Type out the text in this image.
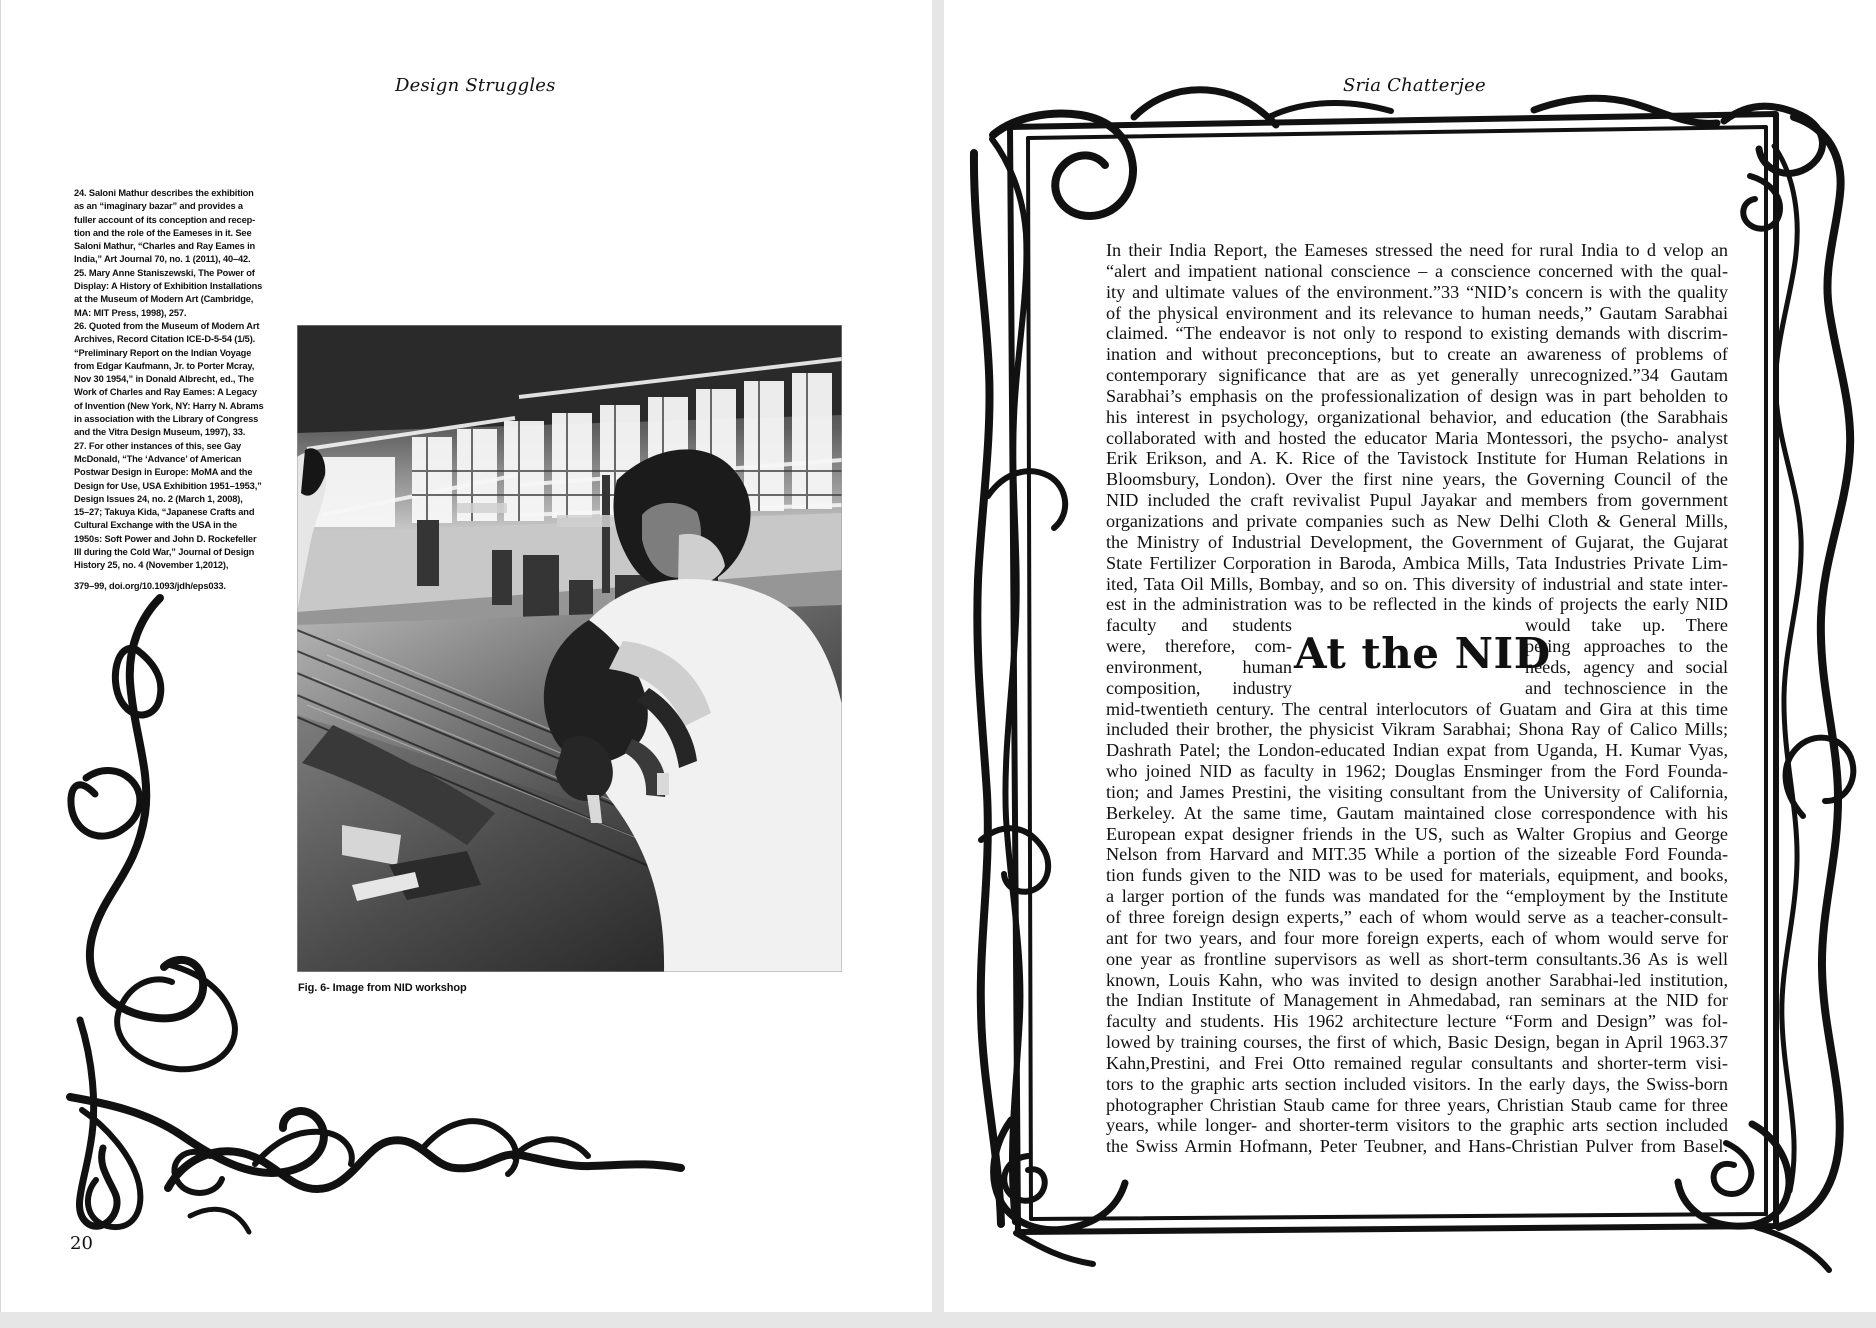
Design Struggles

24. Saloni Mathur describes the exhibition

as an “imaginary bazar” and provides a

fuller account of its conception and recep-

tion and the role of the Eameses in it. See

Saloni Mathur, “Charles and Ray Eames in

India,” Art Journal 70, no. 1 (2011), 40–42.

25. Mary Anne Staniszewski, The Power of

Display: A History of Exhibition Installations

at the Museum of Modern Art (Cambridge,

MA: MIT Press, 1998), 257.

26. Quoted from the Museum of Modern Art

Archives, Record Citation ICE-D-5-54 (1/5).

“Preliminary Report on the Indian Voyage

from Edgar Kaufmann, Jr. to Porter Mcray,

Nov 30 1954,” in Donald Albrecht, ed., The

Work of Charles and Ray Eames: A Legacy

of Invention (New York, NY: Harry N. Abrams

in association with the Library of Congress

and the Vitra Design Museum, 1997), 33.

27. For other instances of this, see Gay

McDonald, “The ‘Advance’ of American

Postwar Design in Europe: MoMA and the

Design for Use, USA Exhibition 1951–1953,”

Design Issues 24, no. 2 (March 1, 2008),

15–27; Takuya Kida, “Japanese Crafts and

Cultural Exchange with the USA in the

1950s: Soft Power and John D. Rockefeller

III during the Cold War,” Journal of Design

History 25, no. 4 (November 1,2012),

379–99, doi.org/10.1093/jdh/eps033.

Fig. 6- Image from NID workshop
20
Sria Chatterjee
In their India Report, the Eameses stressed the need for rural India to d velop an
“alert and impatient national conscience – a conscience concerned with the qual-
ity and ultimate values of the environment.”33 “NID’s concern is with the quality
of the physical environment and its relevance to human needs,” Gautam Sarabhai
claimed. “The endeavor is not only to respond to existing demands with discrim-
ination and without preconceptions, but to create an awareness of problems of
contemporary significance that are as yet generally unrecognized.”34 Gautam
Sarabhai’s emphasis on the professionalization of design was in part beholden to
his interest in psychology, organizational behavior, and education (the Sarabhais
collaborated with and hosted the educator Maria Montessori, the psycho- analyst
Erik Erikson, and A. K. Rice of the Tavistock Institute for Human Relations in
Bloomsbury, London). Over the first nine years, the Governing Council of the
NID included the craft revivalist Pupul Jayakar and members from government
organizations and private companies such as New Delhi Cloth & General Mills,
the Ministry of Industrial Development, the Government of Gujarat, the Gujarat
State Fertilizer Corporation in Baroda, Ambica Mills, Tata Industries Private Lim-
ited, Tata Oil Mills, Bombay, and so on. This diversity of industrial and state inter-
est in the administration was to be reflected in the kinds of projects the early NID
faculty and students	would take up. There
were, therefore, com-	peting approaches to the
environment, human	needs, agency and social
composition, industry	and technoscience in the
mid-twentieth century. The central interlocutors of Guatam and Gira at this time
included their brother, the physicist Vikram Sarabhai; Shona Ray of Calico Mills;
Dashrath Patel; the London-educated Indian expat from Uganda, H. Kumar Vyas,
who joined NID as faculty in 1962; Douglas Ensminger from the Ford Founda-
tion; and James Prestini, the visiting consultant from the University of California,
Berkeley. At the same time, Gautam maintained close correspondence with his
European expat designer friends in the US, such as Walter Gropius and George
Nelson from Harvard and MIT.35 While a portion of the sizeable Ford Founda-
tion funds given to the NID was to be used for materials, equipment, and books,
a larger portion of the funds was mandated for the “employment by the Institute
of three foreign design experts,” each of whom would serve as a teacher-consult-
ant for two years, and four more foreign experts, each of whom would serve for
one year as frontline supervisors as well as short-term consultants.36 As is well
known, Louis Kahn, who was invited to design another Sarabhai-led institution,
the Indian Institute of Management in Ahmedabad, ran seminars at the NID for
faculty and students. His 1962 architecture lecture “Form and Design” was fol-
lowed by training courses, the first of which, Basic Design, began in April 1963.37
Kahn,Prestini, and Frei Otto remained regular consultants and shorter-term visi-
tors to the graphic arts section included visitors. In the early days, the Swiss-born
photographer Christian Staub came for three years, Christian Staub came for three
years, while longer- and shorter-term visitors to the graphic arts section included
the Swiss Armin Hofmann, Peter Teubner, and Hans-Christian Pulver from Basel.
At the NID
